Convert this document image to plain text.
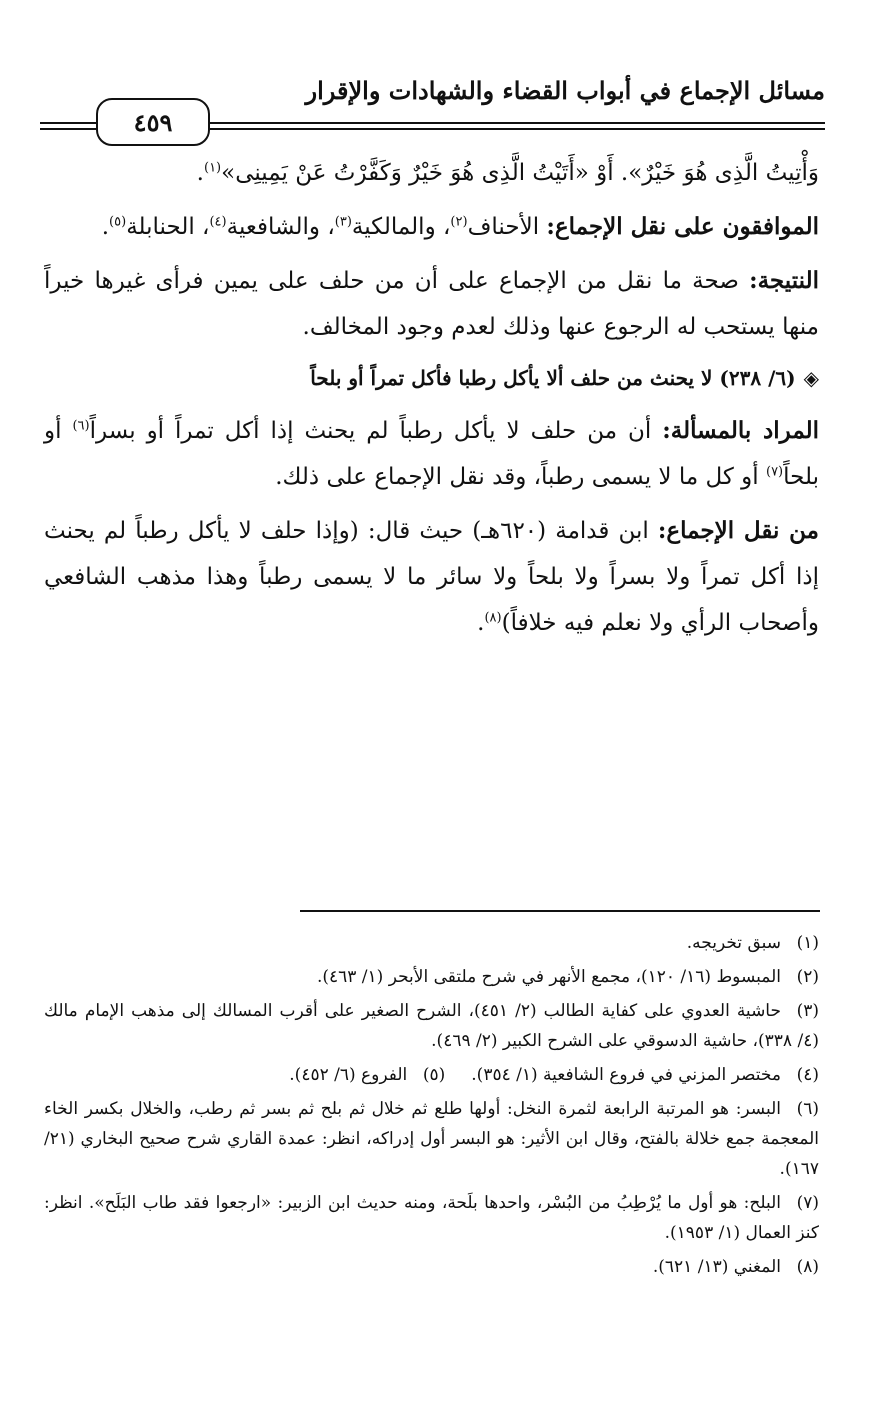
مسائل الإجماع في أبواب القضاء والشهادات والإقرار
٤٥٩

وَأْتِيتُ الَّذِى هُوَ خَيْرٌ». أَوْ «أَتَيْتُ الَّذِى هُوَ خَيْرٌ وَكَفَّرْتُ عَنْ يَمِينِى»$^{(١)}$.

الموافقون على نقل الإجماع: الأحناف$^{(٢)}$، والمالكية$^{(٣)}$، والشافعية$^{(٤)}$، الحنابلة$^{(٥)}$.

النتيجة: صحة ما نقل من الإجماع على أن من حلف على يمين فرأى غيرها خيراً منها يستحب له الرجوع عنها وذلك لعدم وجود المخالف.

◈(٦/ ٢٣٨) لا يحنث من حلف ألا يأكل رطبا فأكل تمراً أو بلحاً

المراد بالمسألة: أن من حلف لا يأكل رطباً لم يحنث إذا أكل تمراً أو بسراً$^{(٦)}$ أو بلحاً$^{(٧)}$ أو كل ما لا يسمى رطباً، وقد نقل الإجماع على ذلك.

من نقل الإجماع: ابن قدامة (٦٢٠هـ) حيث قال: (وإذا حلف لا يأكل رطباً لم يحنث إذا أكل تمراً ولا بسراً ولا بلحاً ولا سائر ما لا يسمى رطباً وهذا مذهب الشافعي وأصحاب الرأي ولا نعلم فيه خلافاً)$^{(٨)}$.

(١)سبق تخريجه.

(٢)المبسوط (١٦/ ١٢٠)، مجمع الأنهر في شرح ملتقى الأبحر (١/ ٤٦٣).

(٣)حاشية العدوي على كفاية الطالب (٢/ ٤٥١)، الشرح الصغير على أقرب المسالك إلى مذهب الإمام مالك (٤/ ٣٣٨)، حاشية الدسوقي على الشرح الكبير (٢/ ٤٦٩).

(٤)مختصر المزني في فروع الشافعية (١/ ٣٥٤).(٥)الفروع (٦/ ٤٥٢).

(٦)البسر: هو المرتبة الرابعة لثمرة النخل: أولها طلع ثم خلال ثم بلح ثم بسر ثم رطب، والخلال بكسر الخاء المعجمة جمع خلالة بالفتح، وقال ابن الأثير: هو البسر أول إدراكه، انظر: عمدة القاري شرح صحيح البخاري (٢١/ ١٦٧).

(٧)البلح: هو أول ما يُرْطِبُ من البُسْر، واحدها بلَحة، ومنه حديث ابن الزبير: «ارجعوا فقد طاب البَلَح». انظر: كنز العمال (١/ ١٩٥٣).

(٨)المغني (١٣/ ٦٢١).
